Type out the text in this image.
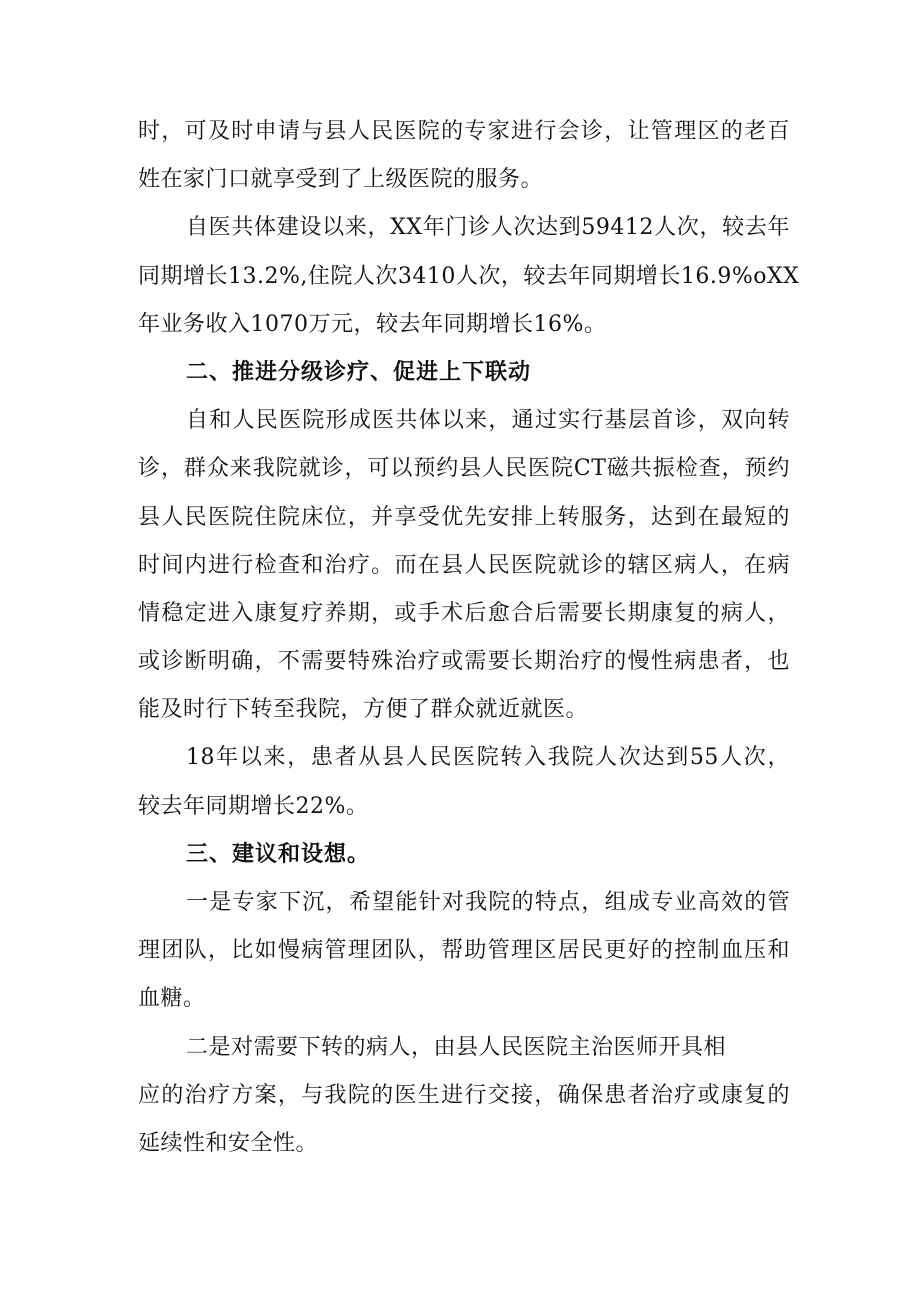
时，可及时申请与县人民医院的专家进行会诊，让管理区的老百
姓在家门口就享受到了上级医院的服务。
自医共体建设以来，XX年门诊人次达到59412人次，较去年
同期增长13.2%,住院人次3410人次，较去年同期增长16.9%oXX
年业务收入1070万元，较去年同期增长16%。
二、推进分级诊疗、促进上下联动
自和人民医院形成医共体以来，通过实行基层首诊，双向转
诊，群众来我院就诊，可以预约县人民医院CT磁共振检查，预约
县人民医院住院床位，并享受优先安排上转服务，达到在最短的
时间内进行检查和治疗。而在县人民医院就诊的辖区病人，在病
情稳定进入康复疗养期，或手术后愈合后需要长期康复的病人，
或诊断明确，不需要特殊治疗或需要长期治疗的慢性病患者，也
能及时行下转至我院，方便了群众就近就医。
18年以来，患者从县人民医院转入我院人次达到55人次，
较去年同期增长22%。
三、建议和设想。
一是专家下沉，希望能针对我院的特点，组成专业高效的管
理团队，比如慢病管理团队，帮助管理区居民更好的控制血压和
血糖。
二是对需要下转的病人，由县人民医院主治医师开具相
应的治疗方案，与我院的医生进行交接，确保患者治疗或康复的
延续性和安全性。
